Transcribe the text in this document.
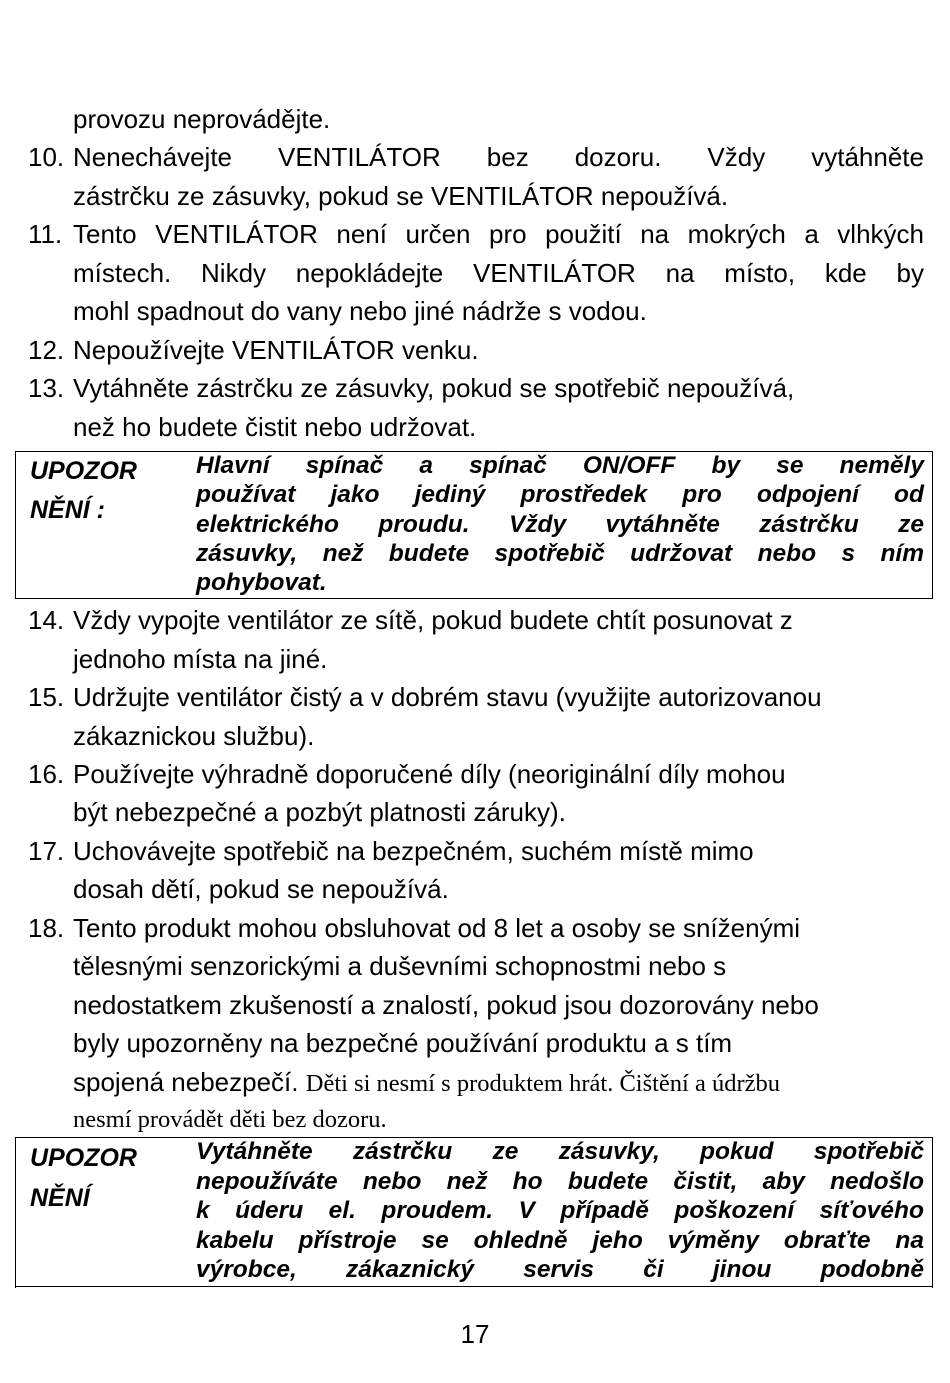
provozu neprovádějte.
10. Nenechávejte VENTILÁTOR bez dozoru. Vždy vytáhněte
zástrčku ze zásuvky, pokud se VENTILÁTOR nepoužívá.
11. Tento VENTILÁTOR není určen pro použití na mokrých a vlhkých
místech. Nikdy nepokládejte VENTILÁTOR na místo, kde by
mohl spadnout do vany nebo jiné nádrže s vodou.
12. Nepoužívejte VENTILÁTOR venku.
13. Vytáhněte zástrčku ze zásuvky, pokud se spotřebič nepoužívá,
než ho budete čistit nebo udržovat.
UPOZOR
NĚNÍ :
Hlavní spínač a spínač ON/OFF by se neměly
používat jako jediný prostředek pro odpojení od
elektrického proudu. Vždy vytáhněte zástrčku ze
zásuvky, než budete spotřebič udržovat nebo s ním
pohybovat.
14. Vždy vypojte ventilátor ze sítě, pokud budete chtít posunovat z
jednoho místa na jiné.
15. Udržujte ventilátor čistý a v dobrém stavu (využijte autorizovanou
zákaznickou službu).
16. Používejte výhradně doporučené díly (neoriginální díly mohou
být nebezpečné a pozbýt platnosti záruky).
17. Uchovávejte spotřebič na bezpečném, suchém místě mimo
dosah dětí, pokud se nepoužívá.
18. Tento produkt mohou obsluhovat od 8 let a osoby se sníženými
tělesnými senzorickými a duševními schopnostmi nebo s
nedostatkem zkušeností a znalostí, pokud jsou dozorovány nebo
byly upozorněny na bezpečné používání produktu a s tím
spojená nebezpečí. Děti si nesmí s produktem hrát. Čištění a údržbu
nesmí provádět děti bez dozoru.
UPOZOR
NĚNÍ
Vytáhněte zástrčku ze zásuvky, pokud spotřebič
nepoužíváte nebo než ho budete čistit, aby nedošlo
k úderu el. proudem. V případě poškození síťového
kabelu přístroje se ohledně jeho výměny obraťte na
výrobce, zákaznický servis či jinou podobně
17
